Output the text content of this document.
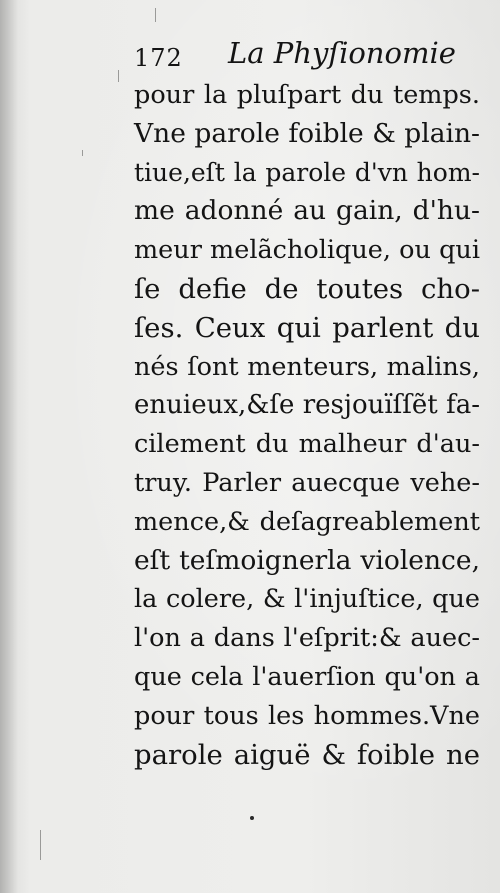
172 La Phyſionomie
pour la pluſpart du temps.
Vne parole foible & plain-
tiue,eſt la parole d'vn hom-
me adonné au gain, d'hu-
meur melãcholique, ou qui
ſe defie de toutes cho-
ſes. Ceux qui parlent du
nés ſont menteurs, malins,
enuieux,&ſe resjouïſſẽt fa-
cilement du malheur d'au-
truy. Parler auecque vehe-
mence,& deſagreablement
eſt teſmoignerla violence,
la colere, & l'injuſtice, que
l'on a dans l'eſprit:& auec-
que cela l'auerſion qu'on a
pour tous les hommes.Vne
parole aiguë & foible ne
